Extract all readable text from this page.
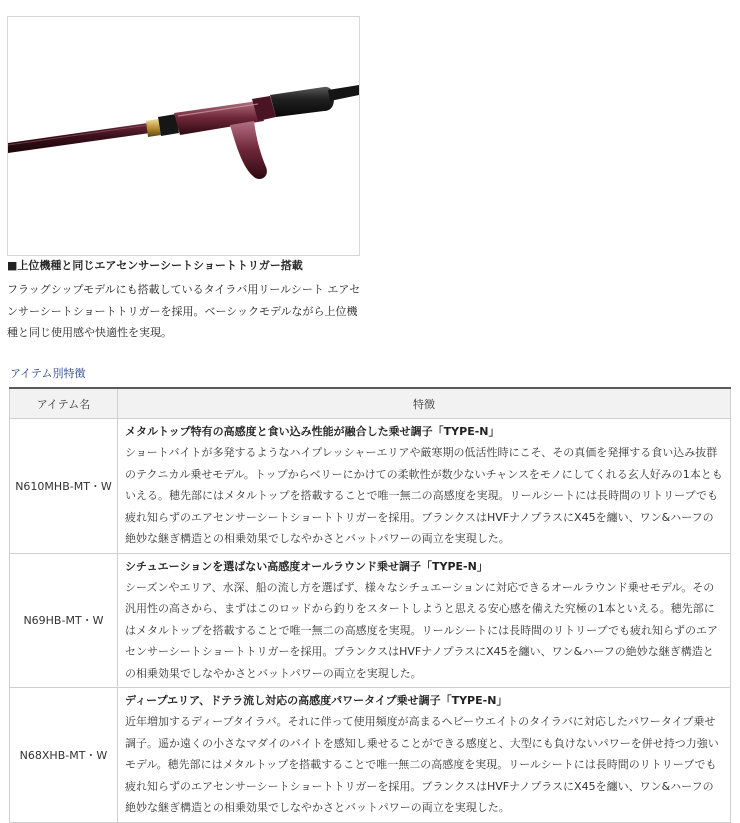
■上位機種と同じエアセンサーシートショートトリガー搭載

フラッグシップモデルにも搭載しているタイラバ用リールシート エアセンサーシートショートトリガーを採用。ベーシックモデルながら上位機種と同じ使用感や快適性を実現。

アイテム別特徴

アイテム名	特徴
N610MHB-MT・W	メタルトップ特有の高感度と食い込み性能が融合した乗せ調子「TYPE-N」
ショートバイトが多発するようなハイプレッシャーエリアや厳寒期の低活性時にこそ、その真価を発揮する食い込み抜群のテクニカル乗せモデル。トップからベリーにかけての柔軟性が数少ないチャンスをモノにしてくれる玄人好みの1本ともいえる。穂先部にはメタルトップを搭載することで唯一無二の高感度を実現。リールシートには長時間のリトリーブでも疲れ知らずのエアセンサーシートショートトリガーを採用。ブランクスはHVFナノプラスにX45を纏い、ワン&ハーフの絶妙な継ぎ構造との相乗効果でしなやかさとバットパワーの両立を実現した。

N69HB-MT・W	シチュエーションを選ばない高感度オールラウンド乗せ調子「TYPE-N」
シーズンやエリア、水深、船の流し方を選ばず、様々なシチュエーションに対応できるオールラウンド乗せモデル。その汎用性の高さから、まずはこのロッドから釣りをスタートしようと思える安心感を備えた究極の1本といえる。穂先部にはメタルトップを搭載することで唯一無二の高感度を実現。リールシートには長時間のリトリーブでも疲れ知らずのエアセンサーシートショートトリガーを採用。ブランクスはHVFナノプラスにX45を纏い、ワン&ハーフの絶妙な継ぎ構造との相乗効果でしなやかさとバットパワーの両立を実現した。

N68XHB-MT・W	ディープエリア、ドテラ流し対応の高感度パワータイプ乗せ調子「TYPE-N」
近年増加するディープタイラバ。それに伴って使用頻度が高まるヘビーウエイトのタイラバに対応したパワータイプ乗せ調子。遥か遠くの小さなマダイのバイトを感知し乗せることができる感度と、大型にも負けないパワーを併せ持つ力強いモデル。穂先部にはメタルトップを搭載することで唯一無二の高感度を実現。リールシートには長時間のリトリーブでも疲れ知らずのエアセンサーシートショートトリガーを採用。ブランクスはHVFナノプラスにX45を纏い、ワン&ハーフの絶妙な継ぎ構造との相乗効果でしなやかさとバットパワーの両立を実現した。
